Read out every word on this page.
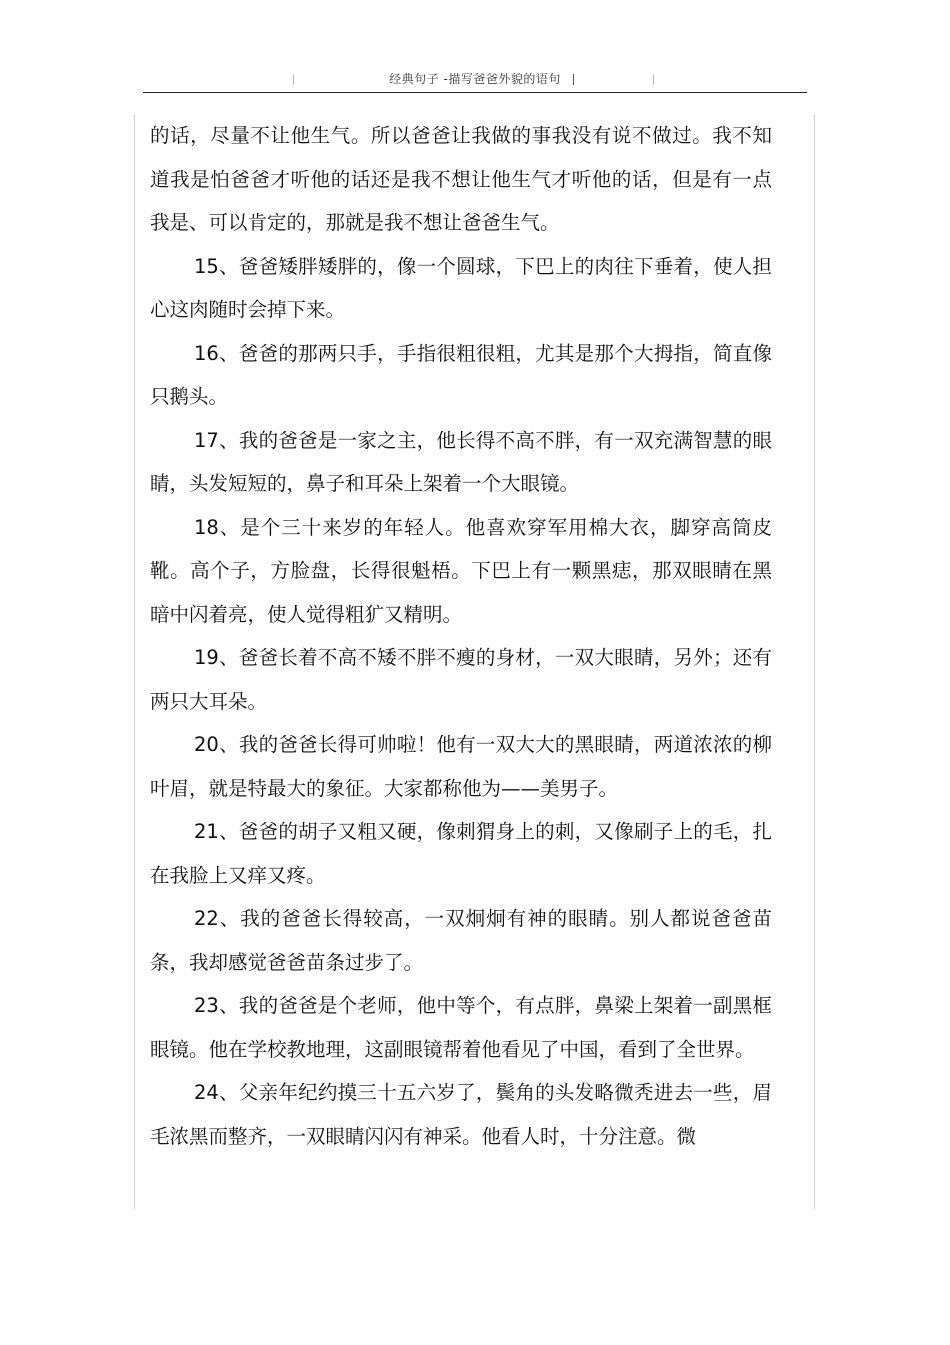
经典句子 -描写爸爸外貌的语句

的话，尽量不让他生气。所以爸爸让我做的事我没有说不做过。我不知道我是怕爸爸才听他的话还是我不想让他生气才听他的话，但是有一点我是、可以肯定的，那就是我不想让爸爸生气。

15、爸爸矮胖矮胖的，像一个圆球，下巴上的肉往下垂着，使人担心这肉随时会掉下来。

16、爸爸的那两只手，手指很粗很粗，尤其是那个大拇指，简直像只鹅头。

17、我的爸爸是一家之主，他长得不高不胖，有一双充满智慧的眼睛，头发短短的，鼻子和耳朵上架着一个大眼镜。

18、是个三十来岁的年轻人。他喜欢穿军用棉大衣，脚穿高筒皮靴。高个子，方脸盘，长得很魁梧。下巴上有一颗黑痣，那双眼睛在黑暗中闪着亮，使人觉得粗犷又精明。

19、爸爸长着不高不矮不胖不瘦的身材，一双大眼睛，另外；还有两只大耳朵。

20、我的爸爸长得可帅啦！他有一双大大的黑眼睛，两道浓浓的柳叶眉，就是特最大的象征。大家都称他为——美男子。

21、爸爸的胡子又粗又硬，像刺猬身上的刺，又像刷子上的毛，扎在我脸上又痒又疼。

22、我的爸爸长得较高，一双炯炯有神的眼睛。别人都说爸爸苗条，我却感觉爸爸苗条过步了。

23、我的爸爸是个老师，他中等个，有点胖，鼻梁上架着一副黑框眼镜。他在学校教地理，这副眼镜帮着他看见了中国，看到了全世界。

24、父亲年纪约摸三十五六岁了，鬓角的头发略微秃进去一些，眉毛浓黑而整齐，一双眼睛闪闪有神采。他看人时，十分注意。微
